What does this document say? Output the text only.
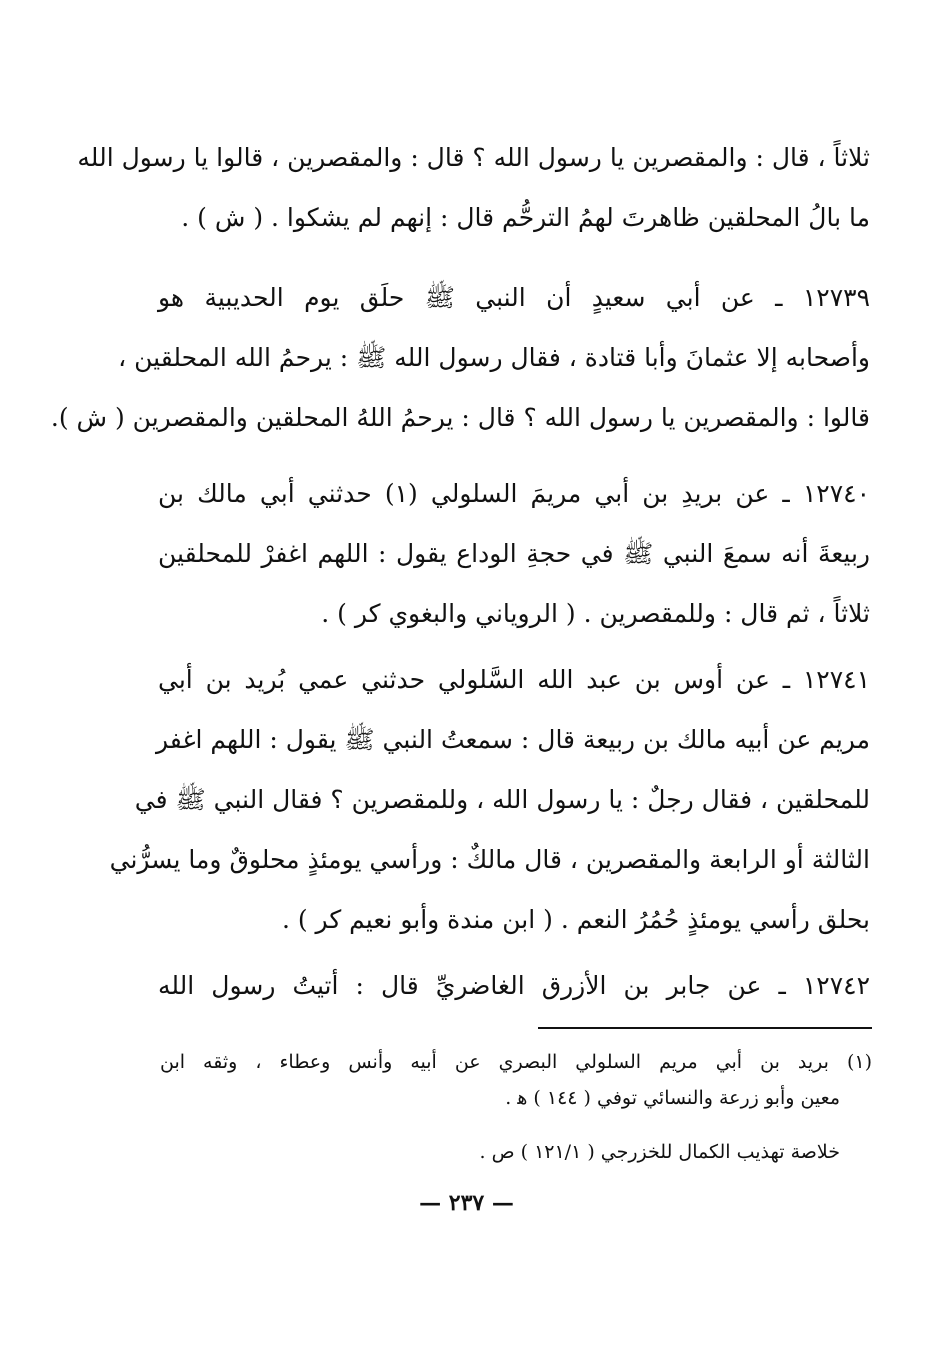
ثلاثاً ، قال : والمقصرين يا رسول الله ؟ قال : والمقصرين ، قالوا يا رسول الله
ما بالُ المحلقين ظاهرتَ لهمُ الترحُّم قال : إنهم لم يشكوا . ( ش ) .
١٢٧٣٩ ـ عن أبي سعيدٍ أن النبي ﷺ حلَق يوم الحديبية هو
وأصحابه إلا عثمانَ وأبا قتادة ، فقال رسول الله ﷺ : يرحمُ الله المحلقين ،
قالوا : والمقصرين يا رسول الله ؟ قال : يرحمُ اللهُ المحلقين والمقصرين ( ش ).
١٢٧٤٠ ـ عن بريدِ بن أبي مريمَ السلولي (١) حدثني أبي مالك بن
ربيعةَ أنه سمعَ النبي ﷺ في حجةِ الوداع يقول : اللهم اغفرْ للمحلقين
ثلاثاً ، ثم قال : وللمقصرين . ( الروياني والبغوي كر ) .
١٢٧٤١ ـ عن أوس بن عبد الله السَّلولي حدثني عمي بُريد بن أبي
مريم عن أبيه مالك بن ربيعة قال : سمعتُ النبي ﷺ يقول : اللهم اغفر
للمحلقين ، فقال رجلٌ : يا رسول الله ، وللمقصرين ؟ فقال النبي ﷺ في
الثالثة أو الرابعة والمقصرين ، قال مالكٌ : ورأسي يومئذٍ محلوقٌ وما يسرُّني
بحلق رأسي يومئذٍ حُمُرُ النعم . ( ابن مندة وأبو نعيم كر ) .
١٢٧٤٢ ـ عن جابر بن الأزرق الغاضريِّ قال : أتيتُ رسول الله
(١) بريد بن أبي مريم السلولي البصري عن أبيه وأنس وعطاء ، وثقه ابن
معين وأبو زرعة والنسائي توفي ( ١٤٤ ) ﻫ .
خلاصة تهذيب الكمال للخزرجي ( ١٢١/١ ) ص .
— ٢٣٧ —
